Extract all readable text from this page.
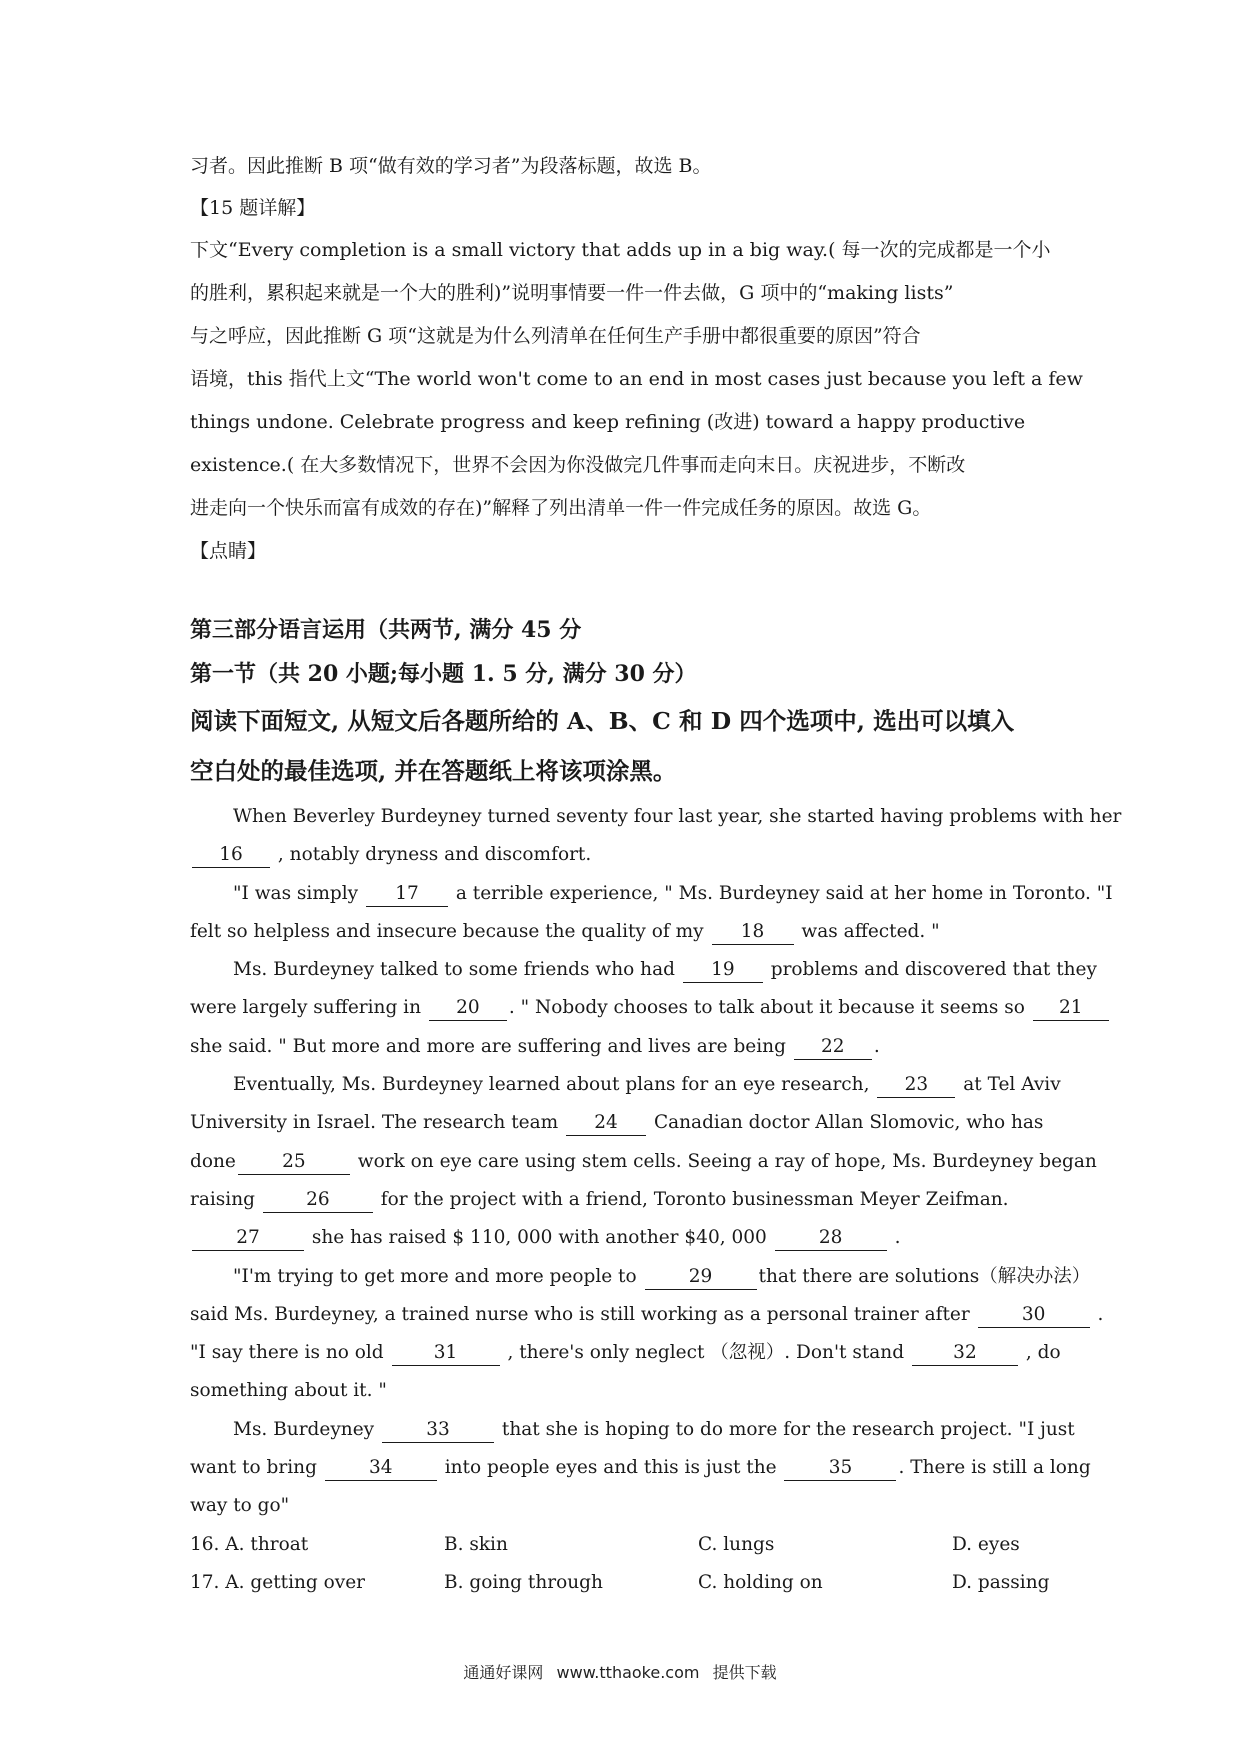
习者。因此推断 B 项“做有效的学习者”为段落标题，故选 B。
【15 题详解】
下文“Every completion is a small victory that adds up in a big way.( 每一次的完成都是一个小
的胜利，累积起来就是一个大的胜利)”说明事情要一件一件去做，G 项中的“making lists”
与之呼应，因此推断 G 项“这就是为什么列清单在任何生产手册中都很重要的原因”符合
语境，this 指代上文“The world won't come to an end in most cases just because you left a few
things undone. Celebrate progress and keep refining (改进) toward a happy productive
existence.( 在大多数情况下，世界不会因为你没做完几件事而走向末日。庆祝进步，不断改
进走向一个快乐而富有成效的存在)”解释了列出清单一件一件完成任务的原因。故选 G。
【点睛】
第三部分语言运用（共两节, 满分 45 分
第一节（共 20 小题;每小题 1. 5 分, 满分 30 分）
阅读下面短文, 从短文后各题所给的 A、B、C 和 D 四个选项中, 选出可以填入
空白处的最佳选项, 并在答题纸上将该项涂黑。
When Beverley Burdeyney turned seventy four last year, she started having problems with her
16 , notably dryness and discomfort.
"I was simply 17 a terrible experience, " Ms. Burdeyney said at her home in Toronto. "I
felt so helpless and insecure because the quality of my 18 was affected. "
Ms. Burdeyney talked to some friends who had 19 problems and discovered that they
were largely suffering in 20 . " Nobody chooses to talk about it because it seems so 21
she said. " But more and more are suffering and lives are being 22 .
Eventually, Ms. Burdeyney learned about plans for an eye research, 23 at Tel Aviv
University in Israel. The research team 24 Canadian doctor Allan Slomovic, who has
done 25	work on eye care using stem cells. Seeing a ray of hope, Ms. Burdeyney began
raising	26	for the project with a friend, Toronto businessman Meyer Zeifman.
27	she has raised $ 110, 000 with another $40, 000	28	.
"I'm trying to get more and more people to	29 that there are solutions（解决办法）
said Ms. Burdeyney, a trained nurse who is still working as a personal trainer after	30	.
"I say there is no old	31	, there's only neglect （忽视）. Don't stand	32	, do
something about it. "
Ms. Burdeyney	33	that she is hoping to do more for the research project. "I just
want to bring	34	into people eyes and this is just the	35 . There is still a long
way to go"
16. A. throat	B. skin	C. lungs	D. eyes
17. A. getting over	B. going through	C. holding on	D. passing
通通好课网 www.tthaoke.com 提供下载
